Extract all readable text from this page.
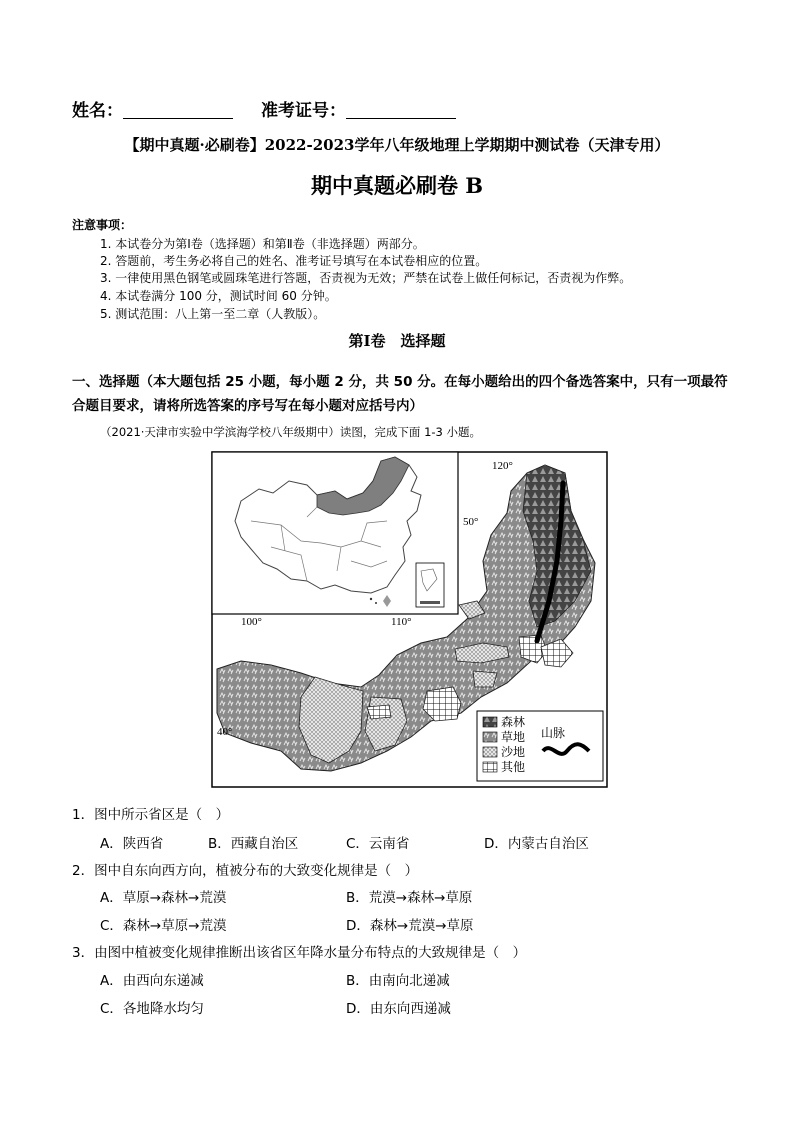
姓名：	准考证号：
【期中真题·必刷卷】2022-2023学年八年级地理上学期期中测试卷（天津专用）
期中真题必刷卷 B
注意事项：
1. 本试卷分为第Ⅰ卷（选择题）和第Ⅱ卷（非选择题）两部分。
2. 答题前，考生务必将自己的姓名、准考证号填写在本试卷相应的位置。
3. 一律使用黑色钢笔或圆珠笔进行答题，否责视为无效；严禁在试卷上做任何标记，否责视为作弊。
4. 本试卷满分 100 分，测试时间 60 分钟。
5. 测试范围：八上第一至二章（人教版）。
第Ⅰ卷　选择题
一、选择题（本大题包括 25 小题，每小题 2 分，共 50 分。在每小题给出的四个备选答案中，只有一项最符合题目要求，请将所选答案的序号写在每小题对应括号内）
（2021·天津市实验中学滨海学校八年级期中）读图，完成下面 1-3 小题。
120°
50°
100°	110°
40°
森林
草地
沙地
其他
山脉
1．图中所示省区是（　）
A．陕西省	B．西藏自治区	C．云南省	D．内蒙古自治区
2．图中自东向西方向，植被分布的大致变化规律是（　）
A．草原→森林→荒漠	B．荒漠→森林→草原
C．森林→草原→荒漠	D．森林→荒漠→草原
3．由图中植被变化规律推断出该省区年降水量分布特点的大致规律是（　）
A．由西向东递减	B．由南向北递减
C．各地降水均匀	D．由东向西递减
